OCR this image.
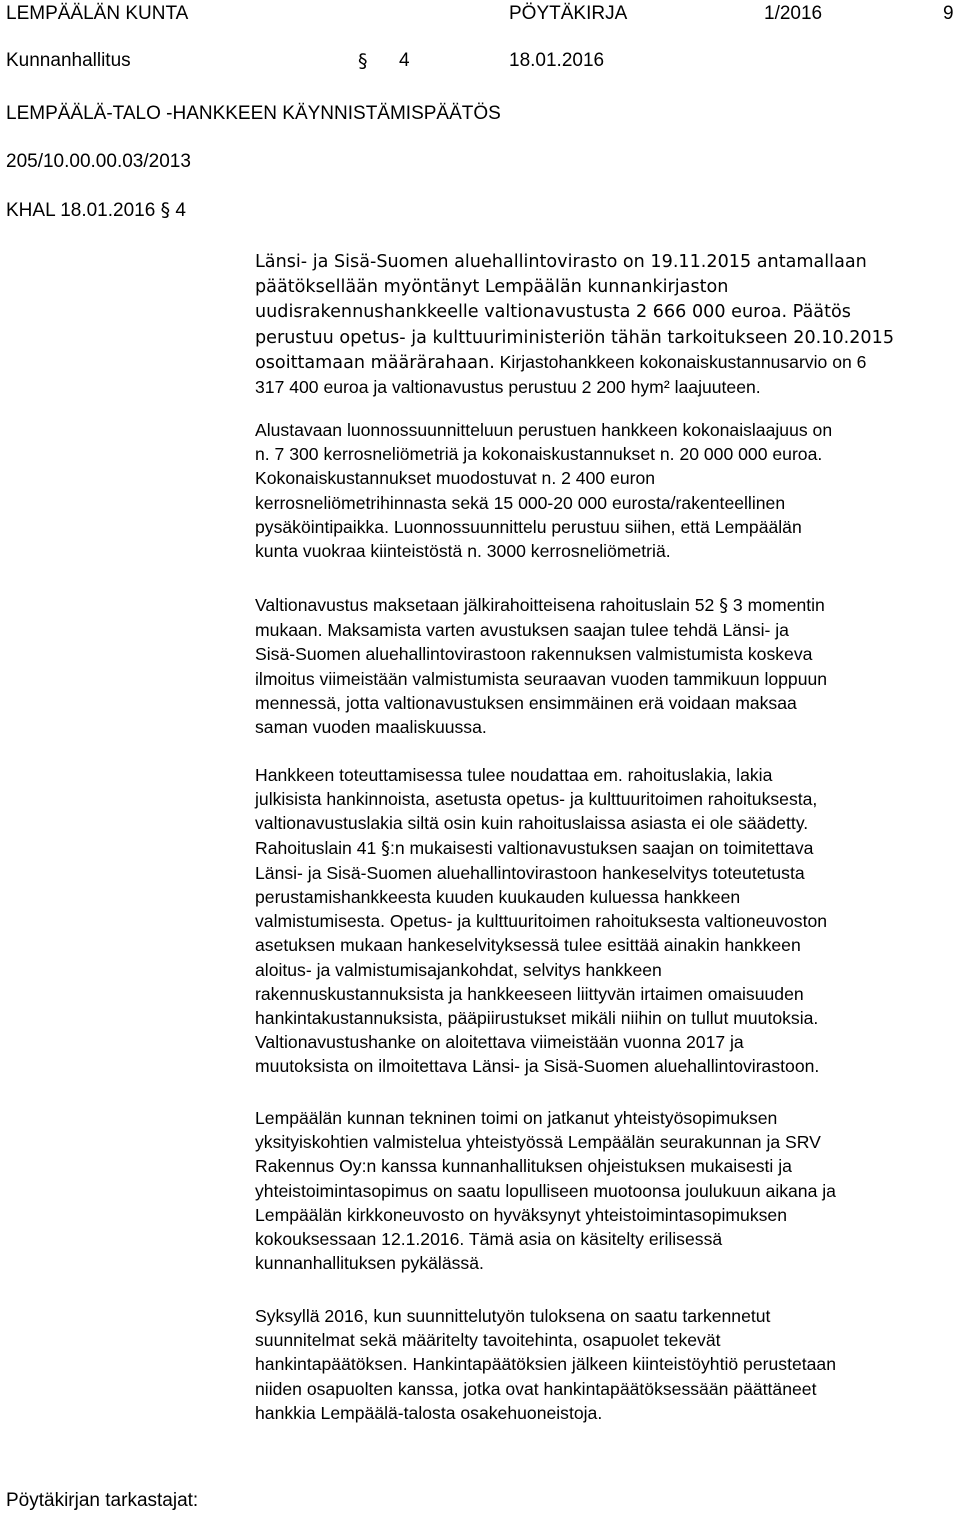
LEMPÄÄLÄN KUNTA	PÖYTÄKIRJA	1/2016	9
Kunnanhallitus	§ 4	18.01.2016
LEMPÄÄLÄ-TALO -HANKKEEN KÄYNNISTÄMISPÄÄTÖS
205/10.00.00.03/2013
KHAL 18.01.2016 § 4
Länsi- ja Sisä-Suomen aluehallintovirasto on 19.11.2015 antamallaan
päätöksellään myöntänyt Lempäälän kunnankirjaston
uudisrakennushankkeelle valtionavustusta 2 666 000 euroa. Päätös
perustuu opetus- ja kulttuuriministeriön tähän tarkoitukseen 20.10.2015
osoittamaan määrärahaan. Kirjastohankkeen kokonaiskustannusarvio on 6
317 400 euroa ja valtionavustus perustuu 2 200 hym² laajuuteen.
Alustavaan luonnossuunnitteluun perustuen hankkeen kokonaislaajuus on
n. 7 300 kerrosneliömetriä ja kokonaiskustannukset n. 20 000 000 euroa.
Kokonaiskustannukset muodostuvat n. 2 400 euron
kerrosneliömetrihinnasta sekä 15 000-20 000 eurosta/rakenteellinen
pysäköintipaikka. Luonnossuunnittelu perustuu siihen, että Lempäälän
kunta vuokraa kiinteistöstä n. 3000 kerrosneliömetriä.
Valtionavustus maksetaan jälkirahoitteisena rahoituslain 52 § 3 momentin
mukaan. Maksamista varten avustuksen saajan tulee tehdä Länsi- ja
Sisä-Suomen aluehallintovirastoon rakennuksen valmistumista koskeva
ilmoitus viimeistään valmistumista seuraavan vuoden tammikuun loppuun
mennessä, jotta valtionavustuksen ensimmäinen erä voidaan maksaa
saman vuoden maaliskuussa.
Hankkeen toteuttamisessa tulee noudattaa em. rahoituslakia, lakia
julkisista hankinnoista, asetusta opetus- ja kulttuuritoimen rahoituksesta,
valtionavustuslakia siltä osin kuin rahoituslaissa asiasta ei ole säädetty.
Rahoituslain 41 §:n mukaisesti valtionavustuksen saajan on toimitettava
Länsi- ja Sisä-Suomen aluehallintovirastoon hankeselvitys toteutetusta
perustamishankkeesta kuuden kuukauden kuluessa hankkeen
valmistumisesta. Opetus- ja kulttuuritoimen rahoituksesta valtioneuvoston
asetuksen mukaan hankeselvityksessä tulee esittää ainakin hankkeen
aloitus- ja valmistumisajankohdat, selvitys hankkeen
rakennuskustannuksista ja hankkeeseen liittyvän irtaimen omaisuuden
hankintakustannuksista, pääpiirustukset mikäli niihin on tullut muutoksia.
Valtionavustushanke on aloitettava viimeistään vuonna 2017 ja
muutoksista on ilmoitettava Länsi- ja Sisä-Suomen aluehallintovirastoon.
Lempäälän kunnan tekninen toimi on jatkanut yhteistyösopimuksen
yksityiskohtien valmistelua yhteistyössä Lempäälän seurakunnan ja SRV
Rakennus Oy:n kanssa kunnanhallituksen ohjeistuksen mukaisesti ja
yhteistoimintasopimus on saatu lopulliseen muotoonsa joulukuun aikana ja
Lempäälän kirkkoneuvosto on hyväksynyt yhteistoimintasopimuksen
kokouksessaan 12.1.2016. Tämä asia on käsitelty erilisessä
kunnanhallituksen pykälässä.
Syksyllä 2016, kun suunnittelutyön tuloksena on saatu tarkennetut
suunnitelmat sekä määritelty tavoitehinta, osapuolet tekevät
hankintapäätöksen. Hankintapäätöksien jälkeen kiinteistöyhtiö perustetaan
niiden osapuolten kanssa, jotka ovat hankintapäätöksessään päättäneet
hankkia Lempäälä-talosta osakehuoneistoja.
Pöytäkirjan tarkastajat:
